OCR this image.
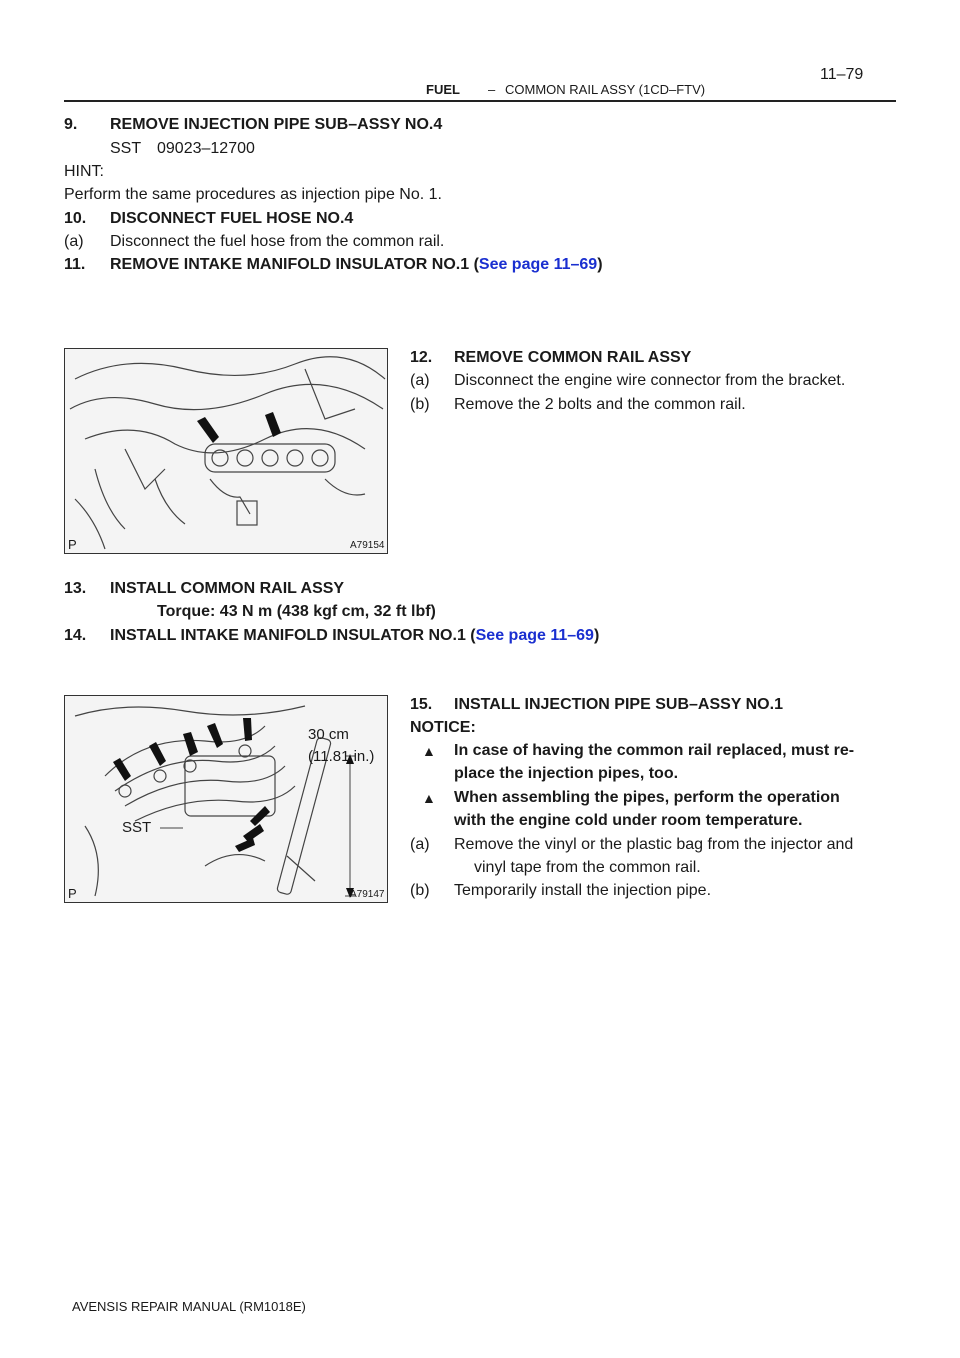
FUEL – COMMON RAIL ASSY (1CD–FTV)
11–79
9. REMOVE INJECTION PIPE SUB–ASSY NO.4
SST 09023–12700
HINT:
Perform the same procedures as injection pipe No. 1.
10. DISCONNECT FUEL HOSE NO.4
(a) Disconnect the fuel hose from the common rail.
11. REMOVE INTAKE MANIFOLD INSULATOR NO.1 (See page 11–69)
P	A79154
12. REMOVE COMMON RAIL ASSY
(a) Disconnect the engine wire connector from the bracket.
(b) Remove the 2 bolts and the common rail.
13. INSTALL COMMON RAIL ASSY
Torque: 43 N m (438 kgf cm, 32 ft lbf)
14. INSTALL INTAKE MANIFOLD INSULATOR NO.1 (See page 11–69)
30 cm
(11.81 in.)
SST
P	A79147
15. INSTALL INJECTION PIPE SUB–ASSY NO.1
NOTICE:
▲ In case of having the common rail replaced, must re-
place the injection pipes, too.
▲ When assembling the pipes, perform the operation
with the engine cold under room temperature.
(a) Remove the vinyl or the plastic bag from the injector and
vinyl tape from the common rail.
(b) Temporarily install the injection pipe.
AVENSIS REPAIR MANUAL (RM1018E)
